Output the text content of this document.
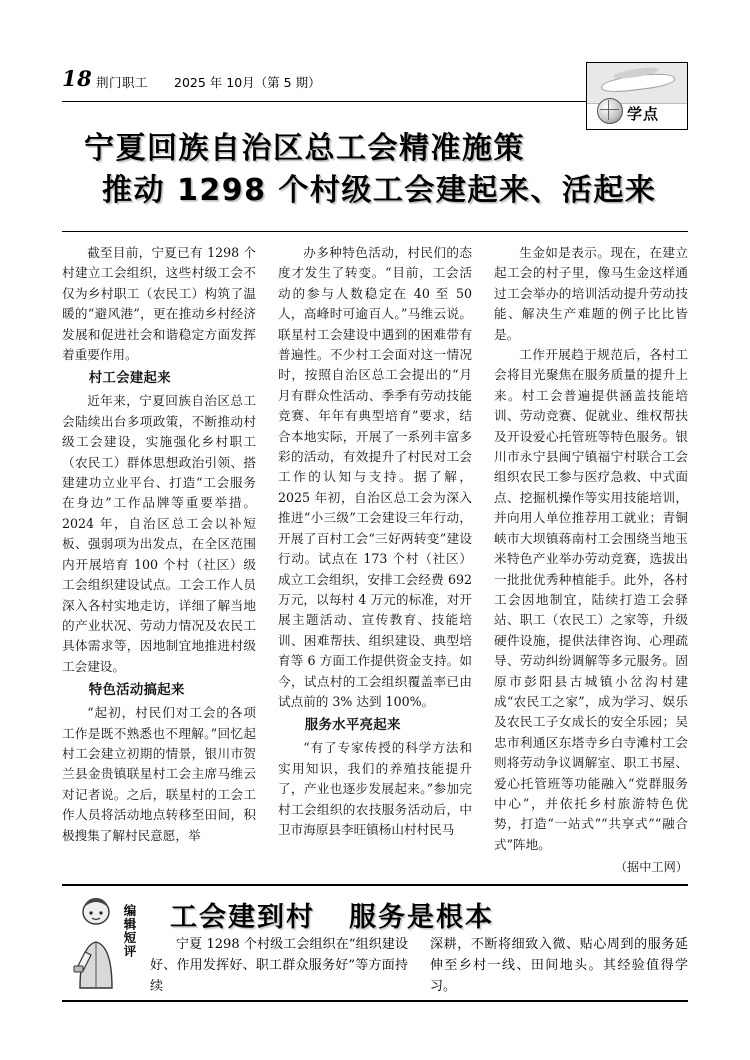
18 荆门职工 2025 年 10月（第 5 期）
学点
宁夏回族自治区总工会精准施策
推动 1298 个村级工会建起来、活起来

截至目前，宁夏已有 1298 个村建立工会组织，这些村级工会不仅为乡村职工（农民工）构筑了温暖的“避风港”，更在推动乡村经济发展和促进社会和谐稳定方面发挥着重要作用。

村工会建起来

近年来，宁夏回族自治区总工会陆续出台多项政策，不断推动村级工会建设，实施强化乡村职工（农民工）群体思想政治引领、搭建建功立业平台、打造“工会服务在身边”工作品牌等重要举措。2024 年，自治区总工会以补短板、强弱项为出发点，在全区范围内开展培育 100 个村（社区）级工会组织建设试点。工会工作人员深入各村实地走访，详细了解当地的产业状况、劳动力情况及农民工具体需求等，因地制宜地推进村级工会建设。

特色活动搞起来

“起初，村民们对工会的各项工作是既不熟悉也不理解。”回忆起村工会建立初期的情景，银川市贺兰县金贵镇联星村工会主席马维云对记者说。之后，联星村的工会工作人员将活动地点转移至田间，积极搜集了解村民意愿，举

办多种特色活动，村民们的态度才发生了转变。“目前，工会活动的参与人数稳定在 40 至 50 人，高峰时可逾百人。”马维云说。联星村工会建设中遇到的困难带有普遍性。不少村工会面对这一情况时，按照自治区总工会提出的“月月有群众性活动、季季有劳动技能竞赛、年年有典型培育”要求，结合本地实际，开展了一系列丰富多彩的活动，有效提升了村民对工会工作的认知与支持。据了解，2025 年初，自治区总工会为深入推进“小三级”工会建设三年行动，开展了百村工会“三好两转变”建设行动。试点在 173 个村（社区）成立工会组织，安排工会经费 692 万元，以每村 4 万元的标准，对开展主题活动、宣传教育、技能培训、困难帮扶、组织建设、典型培育等 6 方面工作提供资金支持。如今，试点村的工会组织覆盖率已由试点前的 3% 达到 100%。

服务水平亮起来

“有了专家传授的科学方法和实用知识，我们的养殖技能提升了，产业也逐步发展起来。”参加完村工会组织的农技服务活动后，中卫市海原县李旺镇杨山村村民马

生金如是表示。现在，在建立起工会的村子里，像马生金这样通过工会举办的培训活动提升劳动技能、解决生产难题的例子比比皆是。

工作开展趋于规范后，各村工会将目光聚焦在服务质量的提升上来。村工会普遍提供涵盖技能培训、劳动竞赛、促就业、维权帮扶及开设爱心托管班等特色服务。银川市永宁县闽宁镇福宁村联合工会组织农民工参与医疗急救、中式面点、挖掘机操作等实用技能培训，并向用人单位推荐用工就业；青铜峡市大坝镇蒋南村工会围绕当地玉米特色产业举办劳动竞赛，选拔出一批批优秀种植能手。此外，各村工会因地制宜，陆续打造工会驿站、职工（农民工）之家等，升级硬件设施，提供法律咨询、心理疏导、劳动纠纷调解等多元服务。固原市彭阳县古城镇小岔沟村建成“农民工之家”，成为学习、娱乐及农民工子女成长的安全乐园；吴忠市利通区东塔寺乡白寺滩村工会则将劳动争议调解室、职工书屋、爱心托管班等功能融入“党群服务中心”，并依托乡村旅游特色优势，打造“一站式”“共享式”“融合式”阵地。

（据中工网）
编辑短评 工会建到村 服务是根本

宁夏 1298 个村级工会组织在“组织建设好、作用发挥好、职工群众服务好”等方面持续

深耕，不断将细致入微、贴心周到的服务延伸至乡村一线、田间地头。其经验值得学习。
